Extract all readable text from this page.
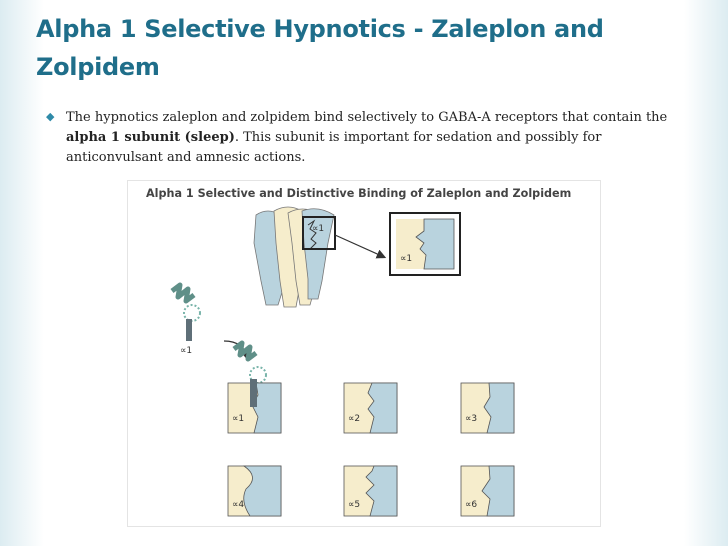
Alpha 1 Selective Hypnotics - Zaleplon and Zolpidem
◆ The hypnotics zaleplon and zolpidem bind selectively to GABA-A receptors that contain the alpha 1 subunit (sleep). This subunit is important for sedation and possibly for anticonvulsant and amnesic actions.
Alpha 1 Selective and Distinctive Binding of Zaleplon and Zolpidem
∝1
∝1
∝1
∝1	∝2	∝3
∝4	∝5	∝6
